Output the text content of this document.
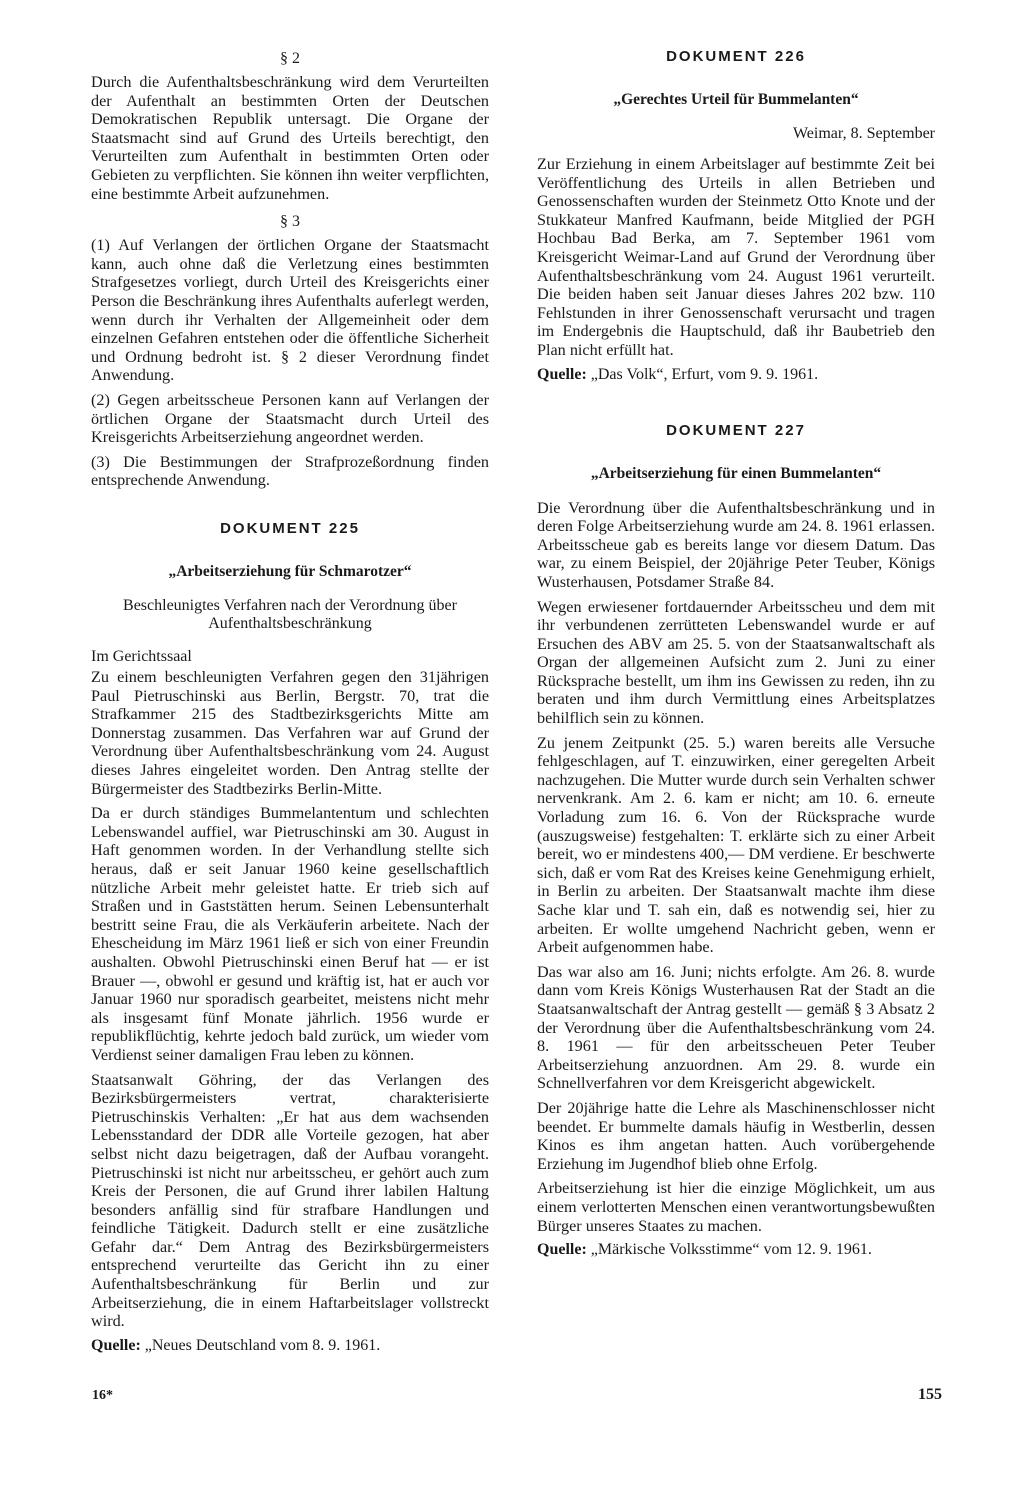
§ 2

Durch die Aufenthaltsbeschränkung wird dem Verurteilten der Aufenthalt an bestimmten Orten der Deutschen Demokratischen Republik untersagt. Die Organe der Staatsmacht sind auf Grund des Urteils berechtigt, den Verurteilten zum Aufenthalt in bestimmten Orten oder Gebieten zu verpflichten. Sie können ihn weiter verpflichten, eine bestimmte Arbeit aufzunehmen.

§ 3

(1) Auf Verlangen der örtlichen Organe der Staatsmacht kann, auch ohne daß die Verletzung eines bestimmten Strafgesetzes vorliegt, durch Urteil des Kreisgerichts einer Person die Beschränkung ihres Aufenthalts auferlegt werden, wenn durch ihr Verhalten der Allgemeinheit oder dem einzelnen Gefahren entstehen oder die öffentliche Sicherheit und Ordnung bedroht ist. § 2 dieser Verordnung findet Anwendung.

(2) Gegen arbeitsscheue Personen kann auf Verlangen der örtlichen Organe der Staatsmacht durch Urteil des Kreisgerichts Arbeitserziehung angeordnet werden.

(3) Die Bestimmungen der Strafprozeßordnung finden entsprechende Anwendung.

DOKUMENT 225
„Arbeitserziehung für Schmarotzer“
Beschleunigtes Verfahren nach der Verordnung über Aufenthaltsbeschränkung
Im Gerichtssaal

Zu einem beschleunigten Verfahren gegen den 31jährigen Paul Pietruschinski aus Berlin, Bergstr. 70, trat die Strafkammer 215 des Stadtbezirksgerichts Mitte am Donnerstag zusammen. Das Verfahren war auf Grund der Verordnung über Aufenthaltsbeschränkung vom 24. August dieses Jahres eingeleitet worden. Den Antrag stellte der Bürgermeister des Stadtbezirks Berlin-Mitte.

Da er durch ständiges Bummelantentum und schlechten Lebenswandel auffiel, war Pietruschinski am 30. August in Haft genommen worden. In der Verhandlung stellte sich heraus, daß er seit Januar 1960 keine gesellschaftlich nützliche Arbeit mehr geleistet hatte. Er trieb sich auf Straßen und in Gaststätten herum. Seinen Lebensunterhalt bestritt seine Frau, die als Verkäuferin arbeitete. Nach der Ehescheidung im März 1961 ließ er sich von einer Freundin aushalten. Obwohl Pietruschinski einen Beruf hat — er ist Brauer —, obwohl er gesund und kräftig ist, hat er auch vor Januar 1960 nur sporadisch gearbeitet, meistens nicht mehr als insgesamt fünf Monate jährlich. 1956 wurde er republikflüchtig, kehrte jedoch bald zurück, um wieder vom Verdienst seiner damaligen Frau leben zu können.

Staatsanwalt Göhring, der das Verlangen des Bezirksbürgermeisters vertrat, charakterisierte Pietruschinskis Verhalten: „Er hat aus dem wachsenden Lebensstandard der DDR alle Vorteile gezogen, hat aber selbst nicht dazu beigetragen, daß der Aufbau vorangeht. Pietruschinski ist nicht nur arbeitsscheu, er gehört auch zum Kreis der Personen, die auf Grund ihrer labilen Haltung besonders anfällig sind für strafbare Handlungen und feindliche Tätigkeit. Dadurch stellt er eine zusätzliche Gefahr dar.“ Dem Antrag des Bezirksbürgermeisters entsprechend verurteilte das Gericht ihn zu einer Aufenthaltsbeschränkung für Berlin und zur Arbeitserziehung, die in einem Haftarbeitslager vollstreckt wird.

Quelle: „Neues Deutschland vom 8. 9. 1961.
DOKUMENT 226
„Gerechtes Urteil für Bummelanten“
Weimar, 8. September

Zur Erziehung in einem Arbeitslager auf bestimmte Zeit bei Veröffentlichung des Urteils in allen Betrieben und Genossenschaften wurden der Steinmetz Otto Knote und der Stukkateur Manfred Kaufmann, beide Mitglied der PGH Hochbau Bad Berka, am 7. September 1961 vom Kreisgericht Weimar-Land auf Grund der Verordnung über Aufenthaltsbeschränkung vom 24. August 1961 verurteilt. Die beiden haben seit Januar dieses Jahres 202 bzw. 110 Fehlstunden in ihrer Genossenschaft verursacht und tragen im Endergebnis die Hauptschuld, daß ihr Baubetrieb den Plan nicht erfüllt hat.

Quelle: „Das Volk“, Erfurt, vom 9. 9. 1961.
DOKUMENT 227
„Arbeitserziehung für einen Bummelanten“

Die Verordnung über die Aufenthaltsbeschränkung und in deren Folge Arbeitserziehung wurde am 24. 8. 1961 erlassen. Arbeitsscheue gab es bereits lange vor diesem Datum. Das war, zu einem Beispiel, der 20jährige Peter Teuber, Königs Wusterhausen, Potsdamer Straße 84.

Wegen erwiesener fortdauernder Arbeitsscheu und dem mit ihr verbundenen zerrütteten Lebenswandel wurde er auf Ersuchen des ABV am 25. 5. von der Staatsanwaltschaft als Organ der allgemeinen Aufsicht zum 2. Juni zu einer Rücksprache bestellt, um ihm ins Gewissen zu reden, ihn zu beraten und ihm durch Vermittlung eines Arbeitsplatzes behilflich sein zu können.

Zu jenem Zeitpunkt (25. 5.) waren bereits alle Versuche fehlgeschlagen, auf T. einzuwirken, einer geregelten Arbeit nachzugehen. Die Mutter wurde durch sein Verhalten schwer nervenkrank. Am 2. 6. kam er nicht; am 10. 6. erneute Vorladung zum 16. 6. Von der Rücksprache wurde (auszugsweise) festgehalten: T. erklärte sich zu einer Arbeit bereit, wo er mindestens 400,— DM verdiene. Er beschwerte sich, daß er vom Rat des Kreises keine Genehmigung erhielt, in Berlin zu arbeiten. Der Staatsanwalt machte ihm diese Sache klar und T. sah ein, daß es notwendig sei, hier zu arbeiten. Er wollte umgehend Nachricht geben, wenn er Arbeit aufgenommen habe.

Das war also am 16. Juni; nichts erfolgte. Am 26. 8. wurde dann vom Kreis Königs Wusterhausen Rat der Stadt an die Staatsanwaltschaft der Antrag gestellt — gemäß § 3 Absatz 2 der Verordnung über die Aufenthaltsbeschränkung vom 24. 8. 1961 — für den arbeitsscheuen Peter Teuber Arbeitserziehung anzuordnen. Am 29. 8. wurde ein Schnellverfahren vor dem Kreisgericht abgewickelt.

Der 20jährige hatte die Lehre als Maschinenschlosser nicht beendet. Er bummelte damals häufig in Westberlin, dessen Kinos es ihm angetan hatten. Auch vorübergehende Erziehung im Jugendhof blieb ohne Erfolg.

Arbeitserziehung ist hier die einzige Möglichkeit, um aus einem verlotterten Menschen einen verantwortungsbewußten Bürger unseres Staates zu machen.

Quelle: „Märkische Volksstimme“ vom 12. 9. 1961.
16*	155
